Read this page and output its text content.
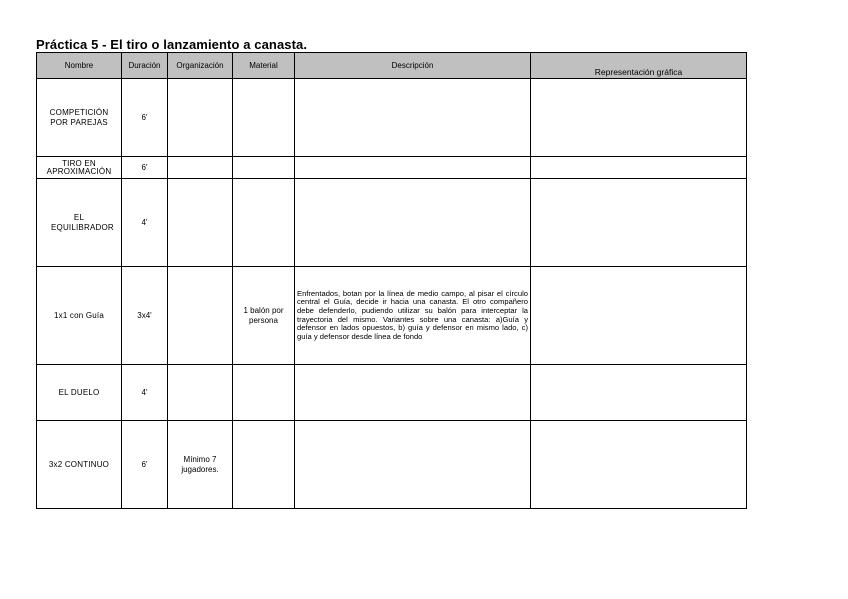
Práctica 5 - El tiro o lanzamiento a canasta.
Nombre	Duración	Organización	Material	Descripción	Representación gráfica
COMPETICIÓN POR PAREJAS	6'				
TIRO EN APROXIMACIÓN	6'				
EL EQUILIBRADOR	4'				
1x1 con Guía	3x4'		1 balón por persona	Enfrentados, botan por la línea de medio campo, al pisar el círculo central el Guía, decide ir hacia una canasta. El otro compañero debe defenderlo, pudiendo utilizar su balón para interceptar la trayectoria del mismo. Variantes sobre una canasta: a)Guía y defensor en lados opuestos, b) guía y defensor en mismo lado, c) guía y defensor desde línea de fondo	
EL DUELO	4'				
3x2 CONTINUO	6'	Mínimo 7 jugadores.			
